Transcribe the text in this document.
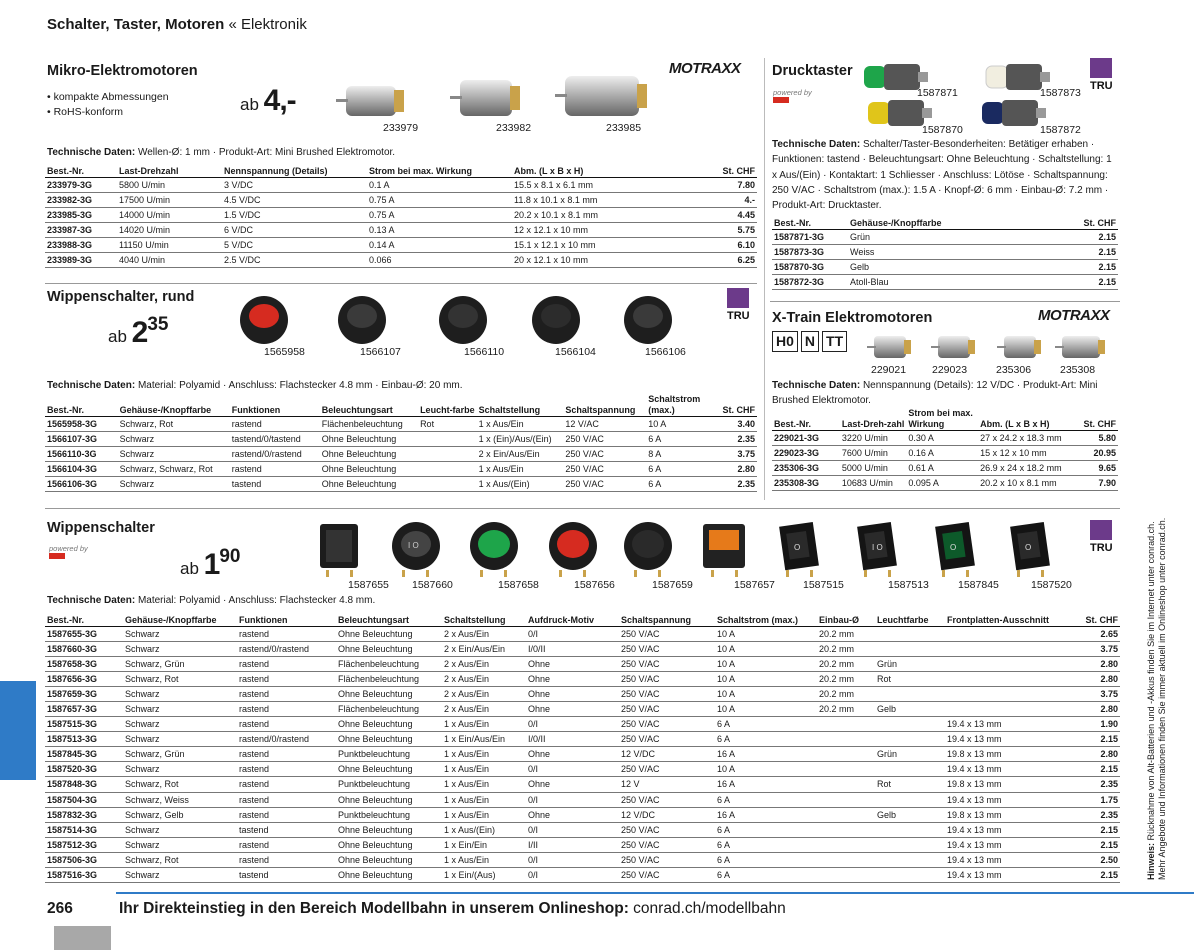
Schalter, Taster, Motoren « Elektronik
Mikro-Elektromotoren	MOTRAXX
• kompakte Abmessungen
• RoHS-konform	ab 4,-
233979	233982	233985
Technische Daten: Wellen-Ø: 1 mm · Produkt-Art: Mini Brushed Elektromotor.
Best.-Nr.	Last-Drehzahl	Nennspannung (Details)	Strom bei max. Wirkung	Abm. (L x B x H)	St. CHF
233979-3G	5800 U/min	3 V/DC	0.1 A	15.5 x 8.1 x 6.1 mm	7.80
233982-3G	17500 U/min	4.5 V/DC	0.75 A	11.8 x 10.1 x 8.1 mm	4.-
233985-3G	14000 U/min	1.5 V/DC	0.75 A	20.2 x 10.1 x 8.1 mm	4.45
233987-3G	14020 U/min	6 V/DC	0.13 A	12 x 12.1 x 10 mm	5.75
233988-3G	11150 U/min	5 V/DC	0.14 A	15.1 x 12.1 x 10 mm	6.10
233989-3G	4040 U/min	2.5 V/DC	0.066	20 x 12.1 x 10 mm	6.25
Wippenschalter, rund
TRU
ab $2^{35}$
1565958	1566107	1566110	1566104	1566106
Technische Daten: Material: Polyamid · Anschluss: Flachstecker 4.8 mm · Einbau-Ø: 20 mm.
Best.-Nr.	Gehäuse-/Knopffarbe	Funktionen	Beleuchtungsart	Leucht-farbe	Schaltstellung	Schaltspannung	Schaltstrom (max.)	St. CHF
1565958-3G	Schwarz, Rot	rastend	Flächenbeleuchtung	Rot	1 x Aus/Ein	12 V/AC	10 A	3.40
1566107-3G	Schwarz	tastend/0/tastend	Ohne Beleuchtung		1 x (Ein)/Aus/(Ein)	250 V/AC	6 A	2.35
1566110-3G	Schwarz	rastend/0/rastend	Ohne Beleuchtung		2 x Ein/Aus/Ein	250 V/AC	8 A	3.75
1566104-3G	Schwarz, Schwarz, Rot	rastend	Ohne Beleuchtung		1 x Aus/Ein	250 V/AC	6 A	2.80
1566106-3G	Schwarz	tastend	Ohne Beleuchtung		1 x Aus/(Ein)	250 V/AC	6 A	2.35
Drucktaster
powered by

TRU
1587871	1587873
1587870	1587872
Technische Daten: Schalter/Taster-Besonderheiten: Betätiger erhaben · Funktionen: tastend · Beleuchtungsart: Ohne Beleuchtung · Schaltstellung: 1 x Aus/(Ein) · Kontaktart: 1 Schliesser · Anschluss: Lötöse · Schaltspannung: 250 V/AC · Schaltstrom (max.): 1.5 A · Knopf-Ø: 6 mm · Einbau-Ø: 7.2 mm · Produkt-Art: Drucktaster.
Best.-Nr.	Gehäuse-/Knopffarbe	St. CHF
1587871-3G	Grün	2.15
1587873-3G	Weiss	2.15
1587870-3G	Gelb	2.15
1587872-3G	Atoll-Blau	2.15
X-Train Elektromotoren	MOTRAXX
H0 N TT
229021 229023	235306	235308
Technische Daten: Nennspannung (Details): 12 V/DC · Produkt-Art: Mini Brushed Elektromotor.
Best.-Nr.	Last-Dreh-zahl	Strom bei max. Wirkung	Abm. (L x B x H)	St. CHF
229021-3G	3220 U/min	0.30 A	27 x 24.2 x 18.3 mm	5.80
229023-3G	7600 U/min	0.16 A	15 x 12 x 10 mm	20.95
235306-3G	5000 U/min	0.61 A	26.9 x 24 x 18.2 mm	9.65
235308-3G	10683 U/min	0.095 A	20.2 x 10 x 8.1 mm	7.90
Wippenschalter
powered by

ab $1^{90}$	TRU
1587655
I O
1587660	1587658	1587656	1587659	1587657
O
1587515
I O
1587513
O
1587845
O
1587520
Technische Daten: Material: Polyamid · Anschluss: Flachstecker 4.8 mm.
Best.-Nr.	Gehäuse-/Knopffarbe	Funktionen	Beleuchtungsart	Schaltstellung	Aufdruck-Motiv	Schaltspannung	Schaltstrom (max.)	Einbau-Ø	Leuchtfarbe	Frontplatten-Ausschnitt	St. CHF
1587655-3G	Schwarz	rastend	Ohne Beleuchtung	2 x Aus/Ein	0/I	250 V/AC	10 A	20.2 mm			2.65
1587660-3G	Schwarz	rastend/0/rastend	Ohne Beleuchtung	2 x Ein/Aus/Ein	I/0/II	250 V/AC	10 A	20.2 mm			3.75
1587658-3G	Schwarz, Grün	rastend	Flächenbeleuchtung	2 x Aus/Ein	Ohne	250 V/AC	10 A	20.2 mm	Grün		2.80
1587656-3G	Schwarz, Rot	rastend	Flächenbeleuchtung	2 x Aus/Ein	Ohne	250 V/AC	10 A	20.2 mm	Rot		2.80
1587659-3G	Schwarz	rastend	Ohne Beleuchtung	2 x Aus/Ein	Ohne	250 V/AC	10 A	20.2 mm			3.75
1587657-3G	Schwarz	rastend	Flächenbeleuchtung	2 x Aus/Ein	Ohne	250 V/AC	10 A	20.2 mm	Gelb		2.80
1587515-3G	Schwarz	rastend	Ohne Beleuchtung	1 x Aus/Ein	0/I	250 V/AC	6 A			19.4 x 13 mm	1.90
1587513-3G	Schwarz	rastend/0/rastend	Ohne Beleuchtung	1 x Ein/Aus/Ein	I/0/II	250 V/AC	6 A			19.4 x 13 mm	2.15
1587845-3G	Schwarz, Grün	rastend	Punktbeleuchtung	1 x Aus/Ein	Ohne	12 V/DC	16 A		Grün	19.8 x 13 mm	2.80
1587520-3G	Schwarz	rastend	Ohne Beleuchtung	1 x Aus/Ein	0/I	250 V/AC	10 A			19.4 x 13 mm	2.15
1587848-3G	Schwarz, Rot	rastend	Punktbeleuchtung	1 x Aus/Ein	Ohne	12 V	16 A		Rot	19.8 x 13 mm	2.35
1587504-3G	Schwarz, Weiss	rastend	Ohne Beleuchtung	1 x Aus/Ein	0/I	250 V/AC	6 A			19.4 x 13 mm	1.75
1587832-3G	Schwarz, Gelb	rastend	Punktbeleuchtung	1 x Aus/Ein	Ohne	12 V/DC	16 A		Gelb	19.8 x 13 mm	2.35
1587514-3G	Schwarz	tastend	Ohne Beleuchtung	1 x Aus/(Ein)	0/I	250 V/AC	6 A			19.4 x 13 mm	2.15
1587512-3G	Schwarz	rastend	Ohne Beleuchtung	1 x Ein/Ein	I/II	250 V/AC	6 A			19.4 x 13 mm	2.15
1587506-3G	Schwarz, Rot	rastend	Ohne Beleuchtung	1 x Aus/Ein	0/I	250 V/AC	6 A			19.4 x 13 mm	2.50
1587516-3G	Schwarz	tastend	Ohne Beleuchtung	1 x Ein/(Aus)	0/I	250 V/AC	6 A			19.4 x 13 mm	2.15
266	Ihr Direkteinstieg in den Bereich Modellbahn in unserem Onlineshop: conrad.ch/modellbahn
Hinweis: Rücknahme von Alt-Batterien und -Akkus finden Sie im Internet unter conrad.ch. Mehr Angebote und Informationen finden Sie immer aktuell im Onlineshop unter conrad.ch.
